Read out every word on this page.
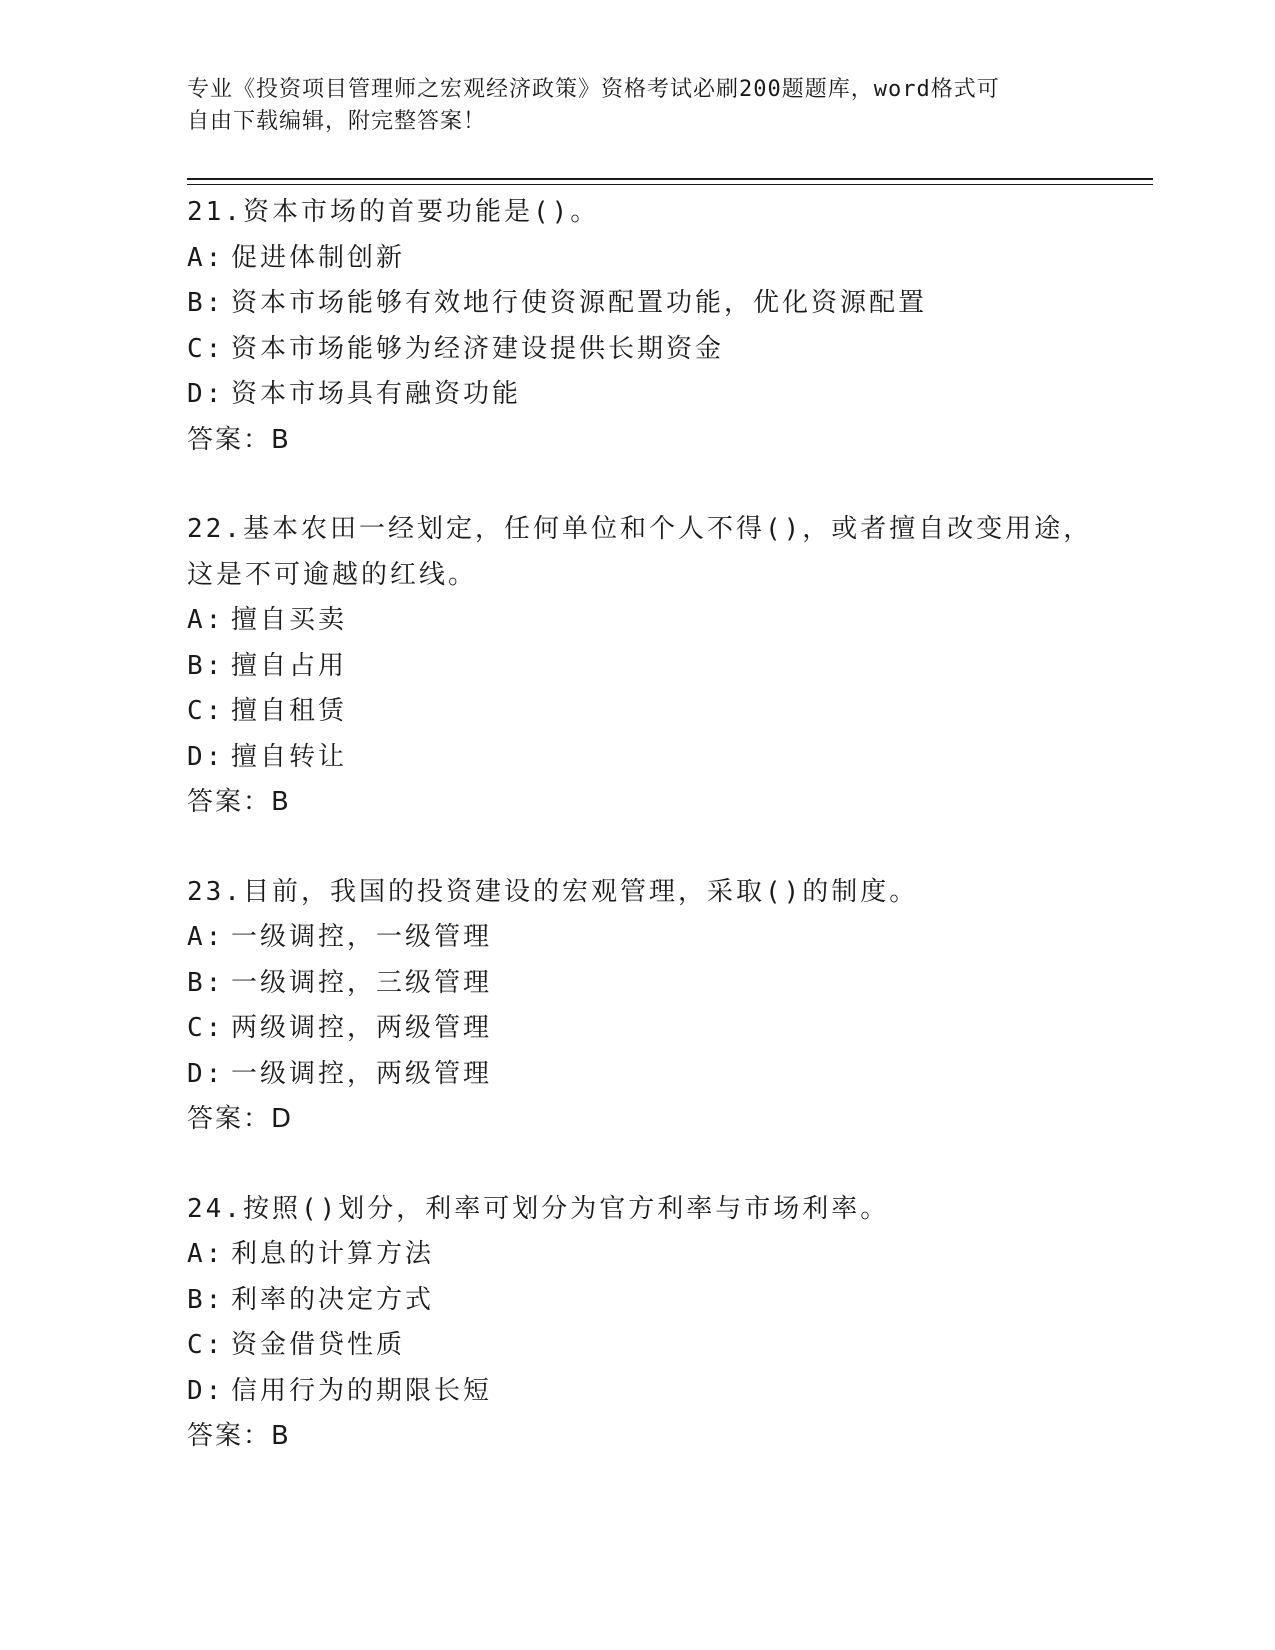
专业《投资项目管理师之宏观经济政策》资格考试必刷200题题库，word格式可
自由下载编辑，附完整答案！
21.资本市场的首要功能是()。
A: 促进体制创新
B: 资本市场能够有效地行使资源配置功能，优化资源配置
C: 资本市场能够为经济建设提供长期资金
D: 资本市场具有融资功能
答案：B
22.基本农田一经划定，任何单位和个人不得()，或者擅自改变用途，
这是不可逾越的红线。
A: 擅自买卖
B: 擅自占用
C: 擅自租赁
D: 擅自转让
答案：B
23.目前，我国的投资建设的宏观管理，采取()的制度。
A: 一级调控，一级管理
B: 一级调控，三级管理
C: 两级调控，两级管理
D: 一级调控，两级管理
答案：D
24.按照()划分，利率可划分为官方利率与市场利率。
A: 利息的计算方法
B: 利率的决定方式
C: 资金借贷性质
D: 信用行为的期限长短
答案：B
